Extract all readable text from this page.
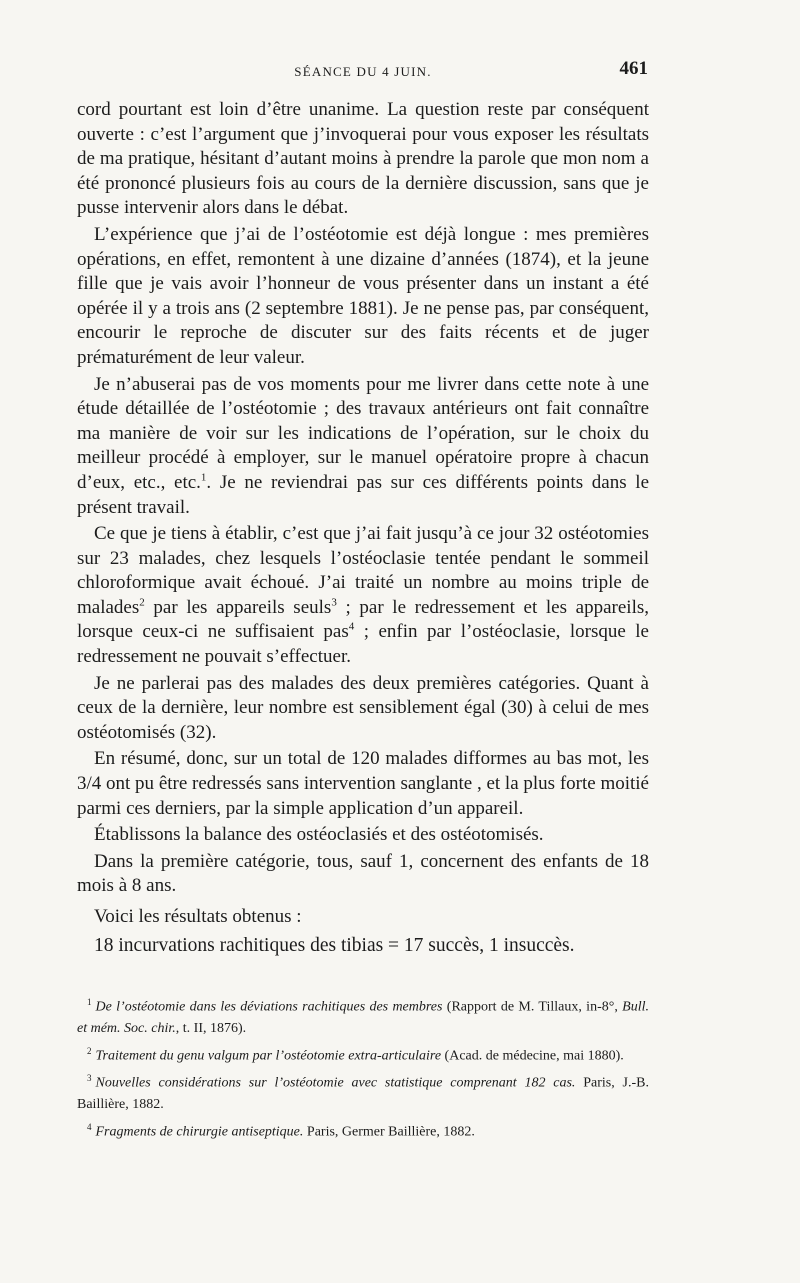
SÉANCE DU 4 JUIN.	461

cord pourtant est loin d’être unanime. La question reste par conséquent ouverte : c’est l’argument que j’invoquerai pour vous exposer les résultats de ma pratique, hésitant d’autant moins à prendre la parole que mon nom a été prononcé plusieurs fois au cours de la dernière discussion, sans que je pusse intervenir alors dans le débat.

L’expérience que j’ai de l’ostéotomie est déjà longue : mes premières opérations, en effet, remontent à une dizaine d’années (1874), et la jeune fille que je vais avoir l’honneur de vous présenter dans un instant a été opérée il y a trois ans (2 septembre 1881). Je ne pense pas, par conséquent, encourir le reproche de discuter sur des faits récents et de juger prématurément de leur valeur.

Je n’abuserai pas de vos moments pour me livrer dans cette note à une étude détaillée de l’ostéotomie ; des travaux antérieurs ont fait connaître ma manière de voir sur les indications de l’opération, sur le choix du meilleur procédé à employer, sur le manuel opératoire propre à chacun d’eux, etc., etc.$^1$. Je ne reviendrai pas sur ces différents points dans le présent travail.

Ce que je tiens à établir, c’est que j’ai fait jusqu’à ce jour 32 ostéotomies sur 23 malades, chez lesquels l’ostéoclasie tentée pendant le sommeil chloroformique avait échoué. J’ai traité un nombre au moins triple de malades$^2$ par les appareils seuls$^3$ ; par le redressement et les appareils, lorsque ceux-ci ne suffisaient pas$^4$ ; enfin par l’ostéoclasie, lorsque le redressement ne pouvait s’effectuer.

Je ne parlerai pas des malades des deux premières catégories. Quant à ceux de la dernière, leur nombre est sensiblement égal (30) à celui de mes ostéotomisés (32).

En résumé, donc, sur un total de 120 malades difformes au bas mot, les 3/4 ont pu être redressés sans intervention sanglante , et la plus forte moitié parmi ces derniers, par la simple application d’un appareil.

Établissons la balance des ostéoclasiés et des ostéotomisés.

Dans la première catégorie, tous, sauf 1, concernent des enfants de 18 mois à 8 ans.

Voici les résultats obtenus :

18 incurvations rachitiques des tibias = 17 succès, 1 insuccès.

$^1$ De l’ostéotomie dans les déviations rachitiques des membres (Rapport de M. Tillaux, in-8°, Bull. et mém. Soc. chir., t. II, 1876).

$^2$ Traitement du genu valgum par l’ostéotomie extra-articulaire (Acad. de médecine, mai 1880).

$^3$ Nouvelles considérations sur l’ostéotomie avec statistique comprenant 182 cas. Paris, J.-B. Baillière, 1882.

$^4$ Fragments de chirurgie antiseptique. Paris, Germer Baillière, 1882.
